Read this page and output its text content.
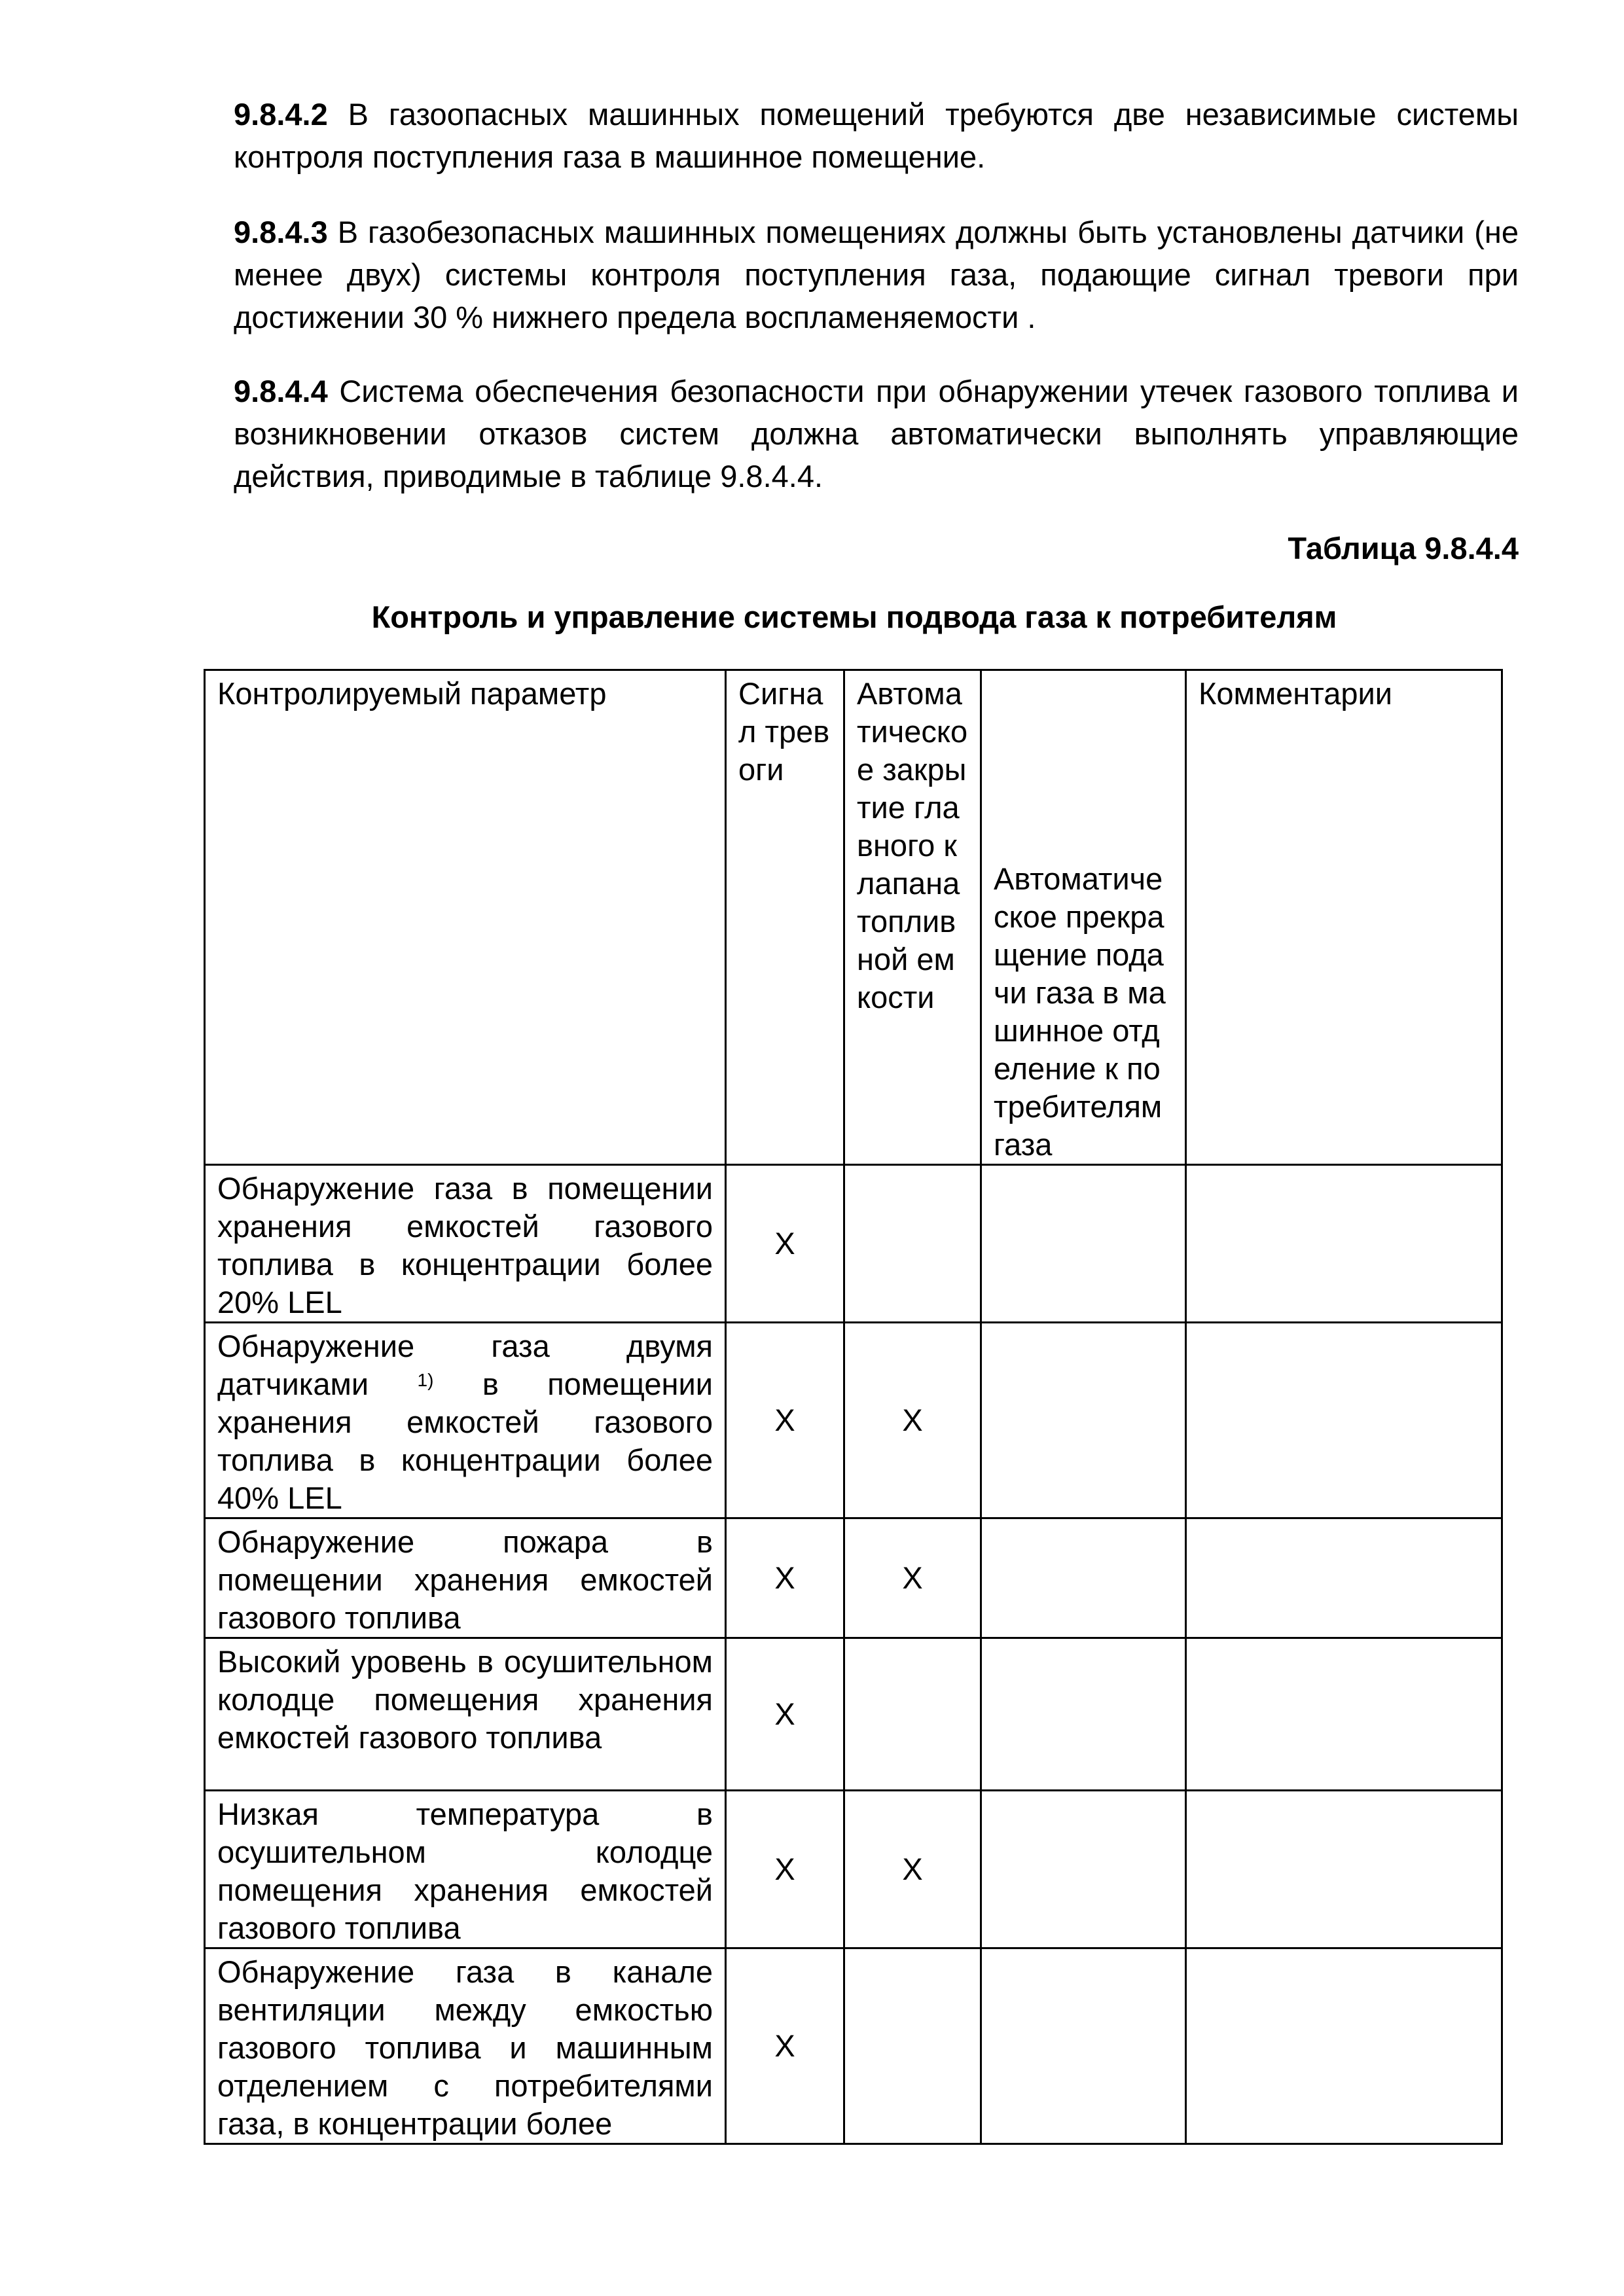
9.8.4.2 В газоопасных машинных помещений требуются две независимые системы контроля поступления газа в машинное помещение.

9.8.4.3 В газобезопасных машинных помещениях должны быть установлены датчики (не менее двух) системы контроля поступления газа, подающие сигнал тревоги при достижении 30 % нижнего предела воспламеняемости .

9.8.4.4 Система обеспечения безопасности при обнаружении утечек газового топлива и возникновении отказов систем должна автоматически выполнять управляющие действия, приводимые в таблице 9.8.4.4.

Таблица 9.8.4.4
Контроль и управление системы подвода газа к потребителям
Контролируемый параметр	Сигнал тревоги	Автоматическое закрытие главного клапана топливной емкости	Автоматическое прекращение подачи газа в машинное отделение к потребителям газа	Комментарии
Обнаружение газа в помещении хранения емкостей газового топлива в концентрации более 20% LEL	X			
Обнаружение газа двумя датчиками $^{1)}$ в помещении хранения емкостей газового топлива в концентрации более 40% LEL	X	X		
Обнаружение пожара в помещении хранения емкостей газового топлива	X	X		
Высокий уровень в осушительном колодце помещения хранения емкостей газового топлива	X			
Низкая температура в осушительном колодце помещения хранения емкостей газового топлива	X	X		
Обнаружение газа в канале вентиляции между емкостью газового топлива и машинным отделением с потребителями газа, в концентрации более	X			
